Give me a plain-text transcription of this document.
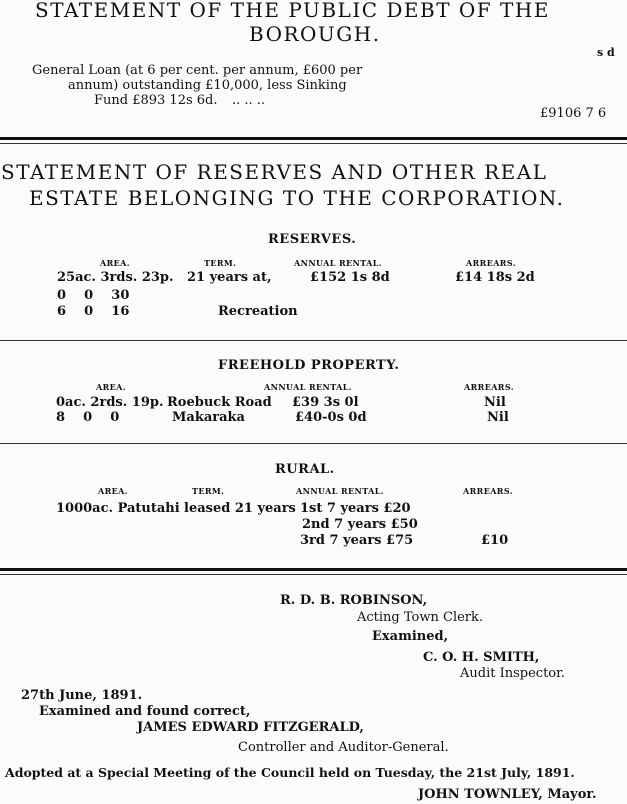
STATEMENT OF THE PUBLIC DEBT OF THE
BOROUGH.
s d
General Loan (at 6 per cent. per annum, £600 per
annum) outstanding £10,000, less Sinking
Fund £893 12s 6d. .. .. ..
£9106 7 6
STATEMENT OF RESERVES AND OTHER REAL
ESTATE BELONGING TO THE CORPORATION.
RESERVES.
AREA.	TERM.	ANNUAL RENTAL.	ARREARS.
25ac. 3rds. 23p. 21 years at,	£152 1s 8d	£14 18s 2d
0    0    30
6    0    16	Recreation
FREEHOLD PROPERTY.
AREA.	ANNUAL RENTAL.	ARREARS.
0ac. 2rds. 19p. Roebuck Road £39 3s 0l	Nil
8    0    0	Makaraka	£40-0s 0d	Nil
RURAL.
AREA.	TERM.	ANNUAL RENTAL.	ARREARS.
1000ac. Patutahi leased 21 years 1st 7 years £20
2nd 7 years £50
3rd 7 years £75	£10
R. D. B. ROBINSON,
Acting Town Clerk.
Examined,
C. O. H. SMITH,
Audit Inspector.
27th June, 1891.
Examined and found correct,
JAMES EDWARD FITZGERALD,
Controller and Auditor-General.
Adopted at a Special Meeting of the Council held on Tuesday, the 21st July, 1891.
JOHN TOWNLEY, Mayor.
